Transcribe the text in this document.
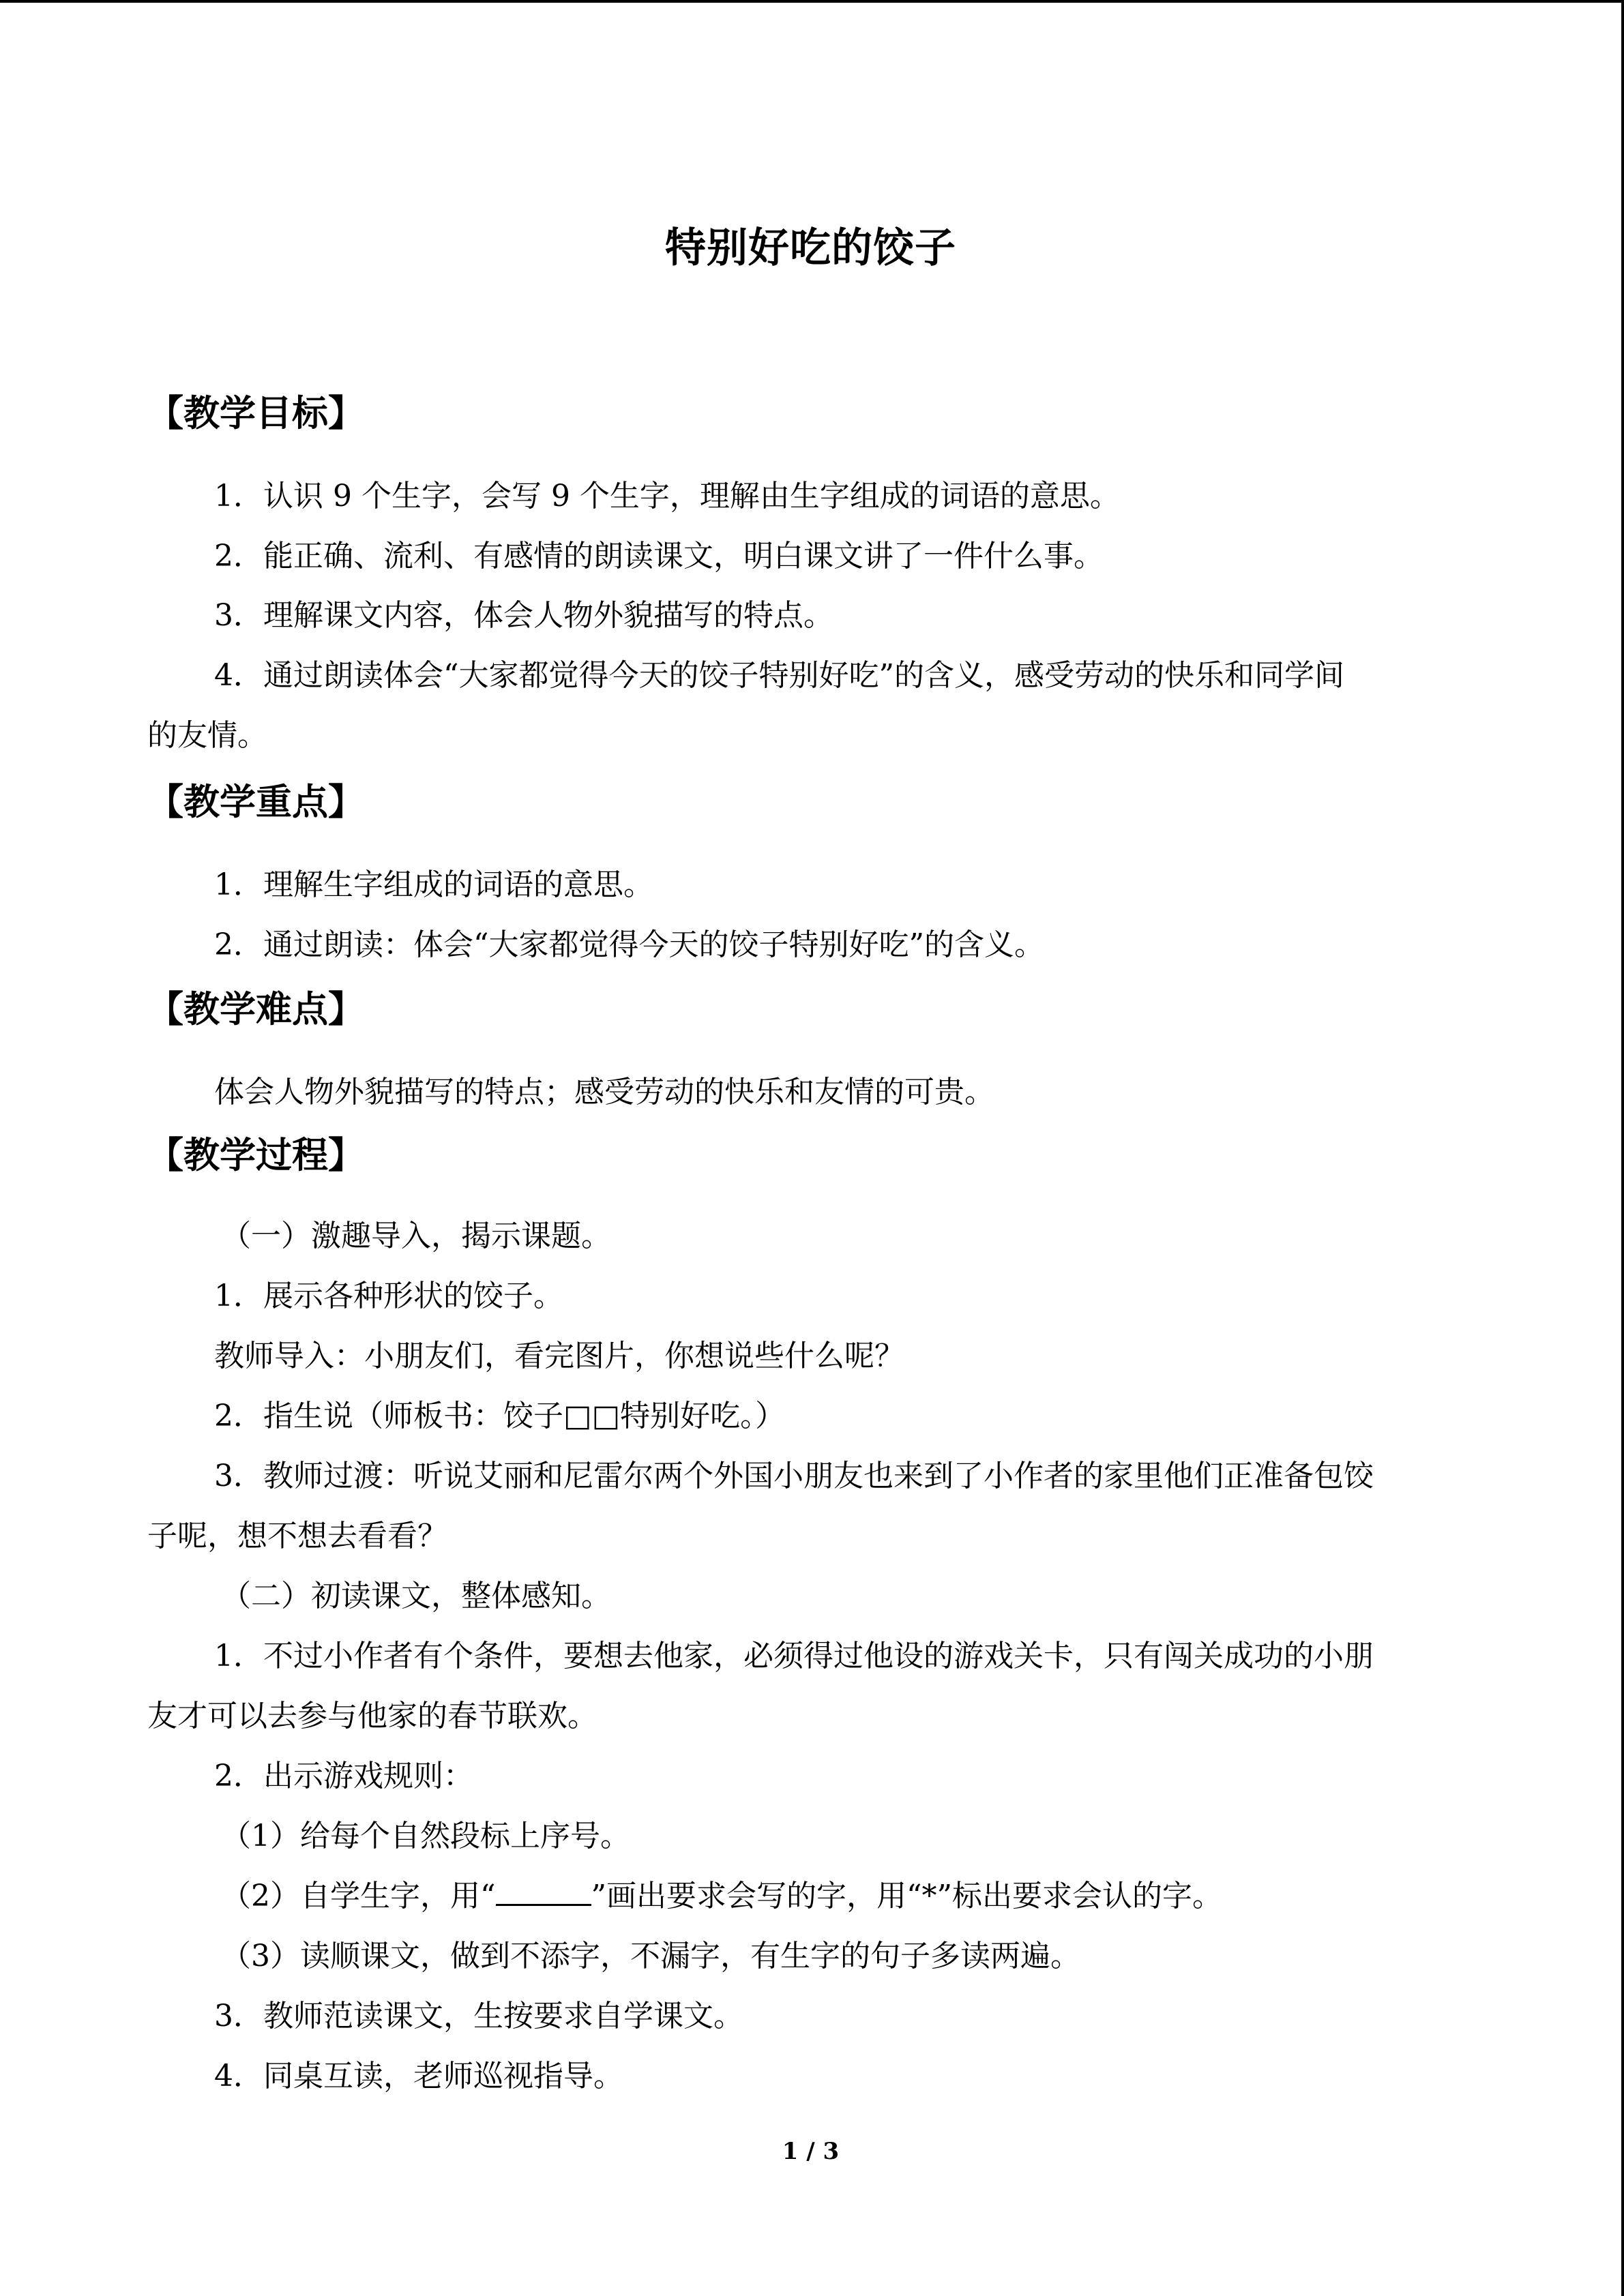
特别好吃的饺子
【教学目标】
1．认识 9 个生字，会写 9 个生字，理解由生字组成的词语的意思。
2．能正确、流利、有感情的朗读课文，明白课文讲了一件什么事。
3．理解课文内容，体会人物外貌描写的特点。
4．通过朗读体会“大家都觉得今天的饺子特别好吃”的含义，感受劳动的快乐和同学间
的友情。
【教学重点】
1．理解生字组成的词语的意思。
2．通过朗读：体会“大家都觉得今天的饺子特别好吃”的含义。
【教学难点】
体会人物外貌描写的特点；感受劳动的快乐和友情的可贵。
【教学过程】
（一）激趣导入，揭示课题。
1．展示各种形状的饺子。
教师导入：小朋友们，看完图片，你想说些什么呢？
2．指生说（师板书：饺子□□特别好吃。）
3．教师过渡：听说艾丽和尼雷尔两个外国小朋友也来到了小作者的家里他们正准备包饺
子呢，想不想去看看？
（二）初读课文，整体感知。
1．不过小作者有个条件，要想去他家，必须得过他设的游戏关卡，只有闯关成功的小朋
友才可以去参与他家的春节联欢。
2．出示游戏规则：
（1）给每个自然段标上序号。
（2）自学生字，用“	”画出要求会写的字，用“*”标出要求会认的字。
（3）读顺课文，做到不添字，不漏字，有生字的句子多读两遍。
3．教师范读课文，生按要求自学课文。
4．同桌互读，老师巡视指导。
1 / 3
